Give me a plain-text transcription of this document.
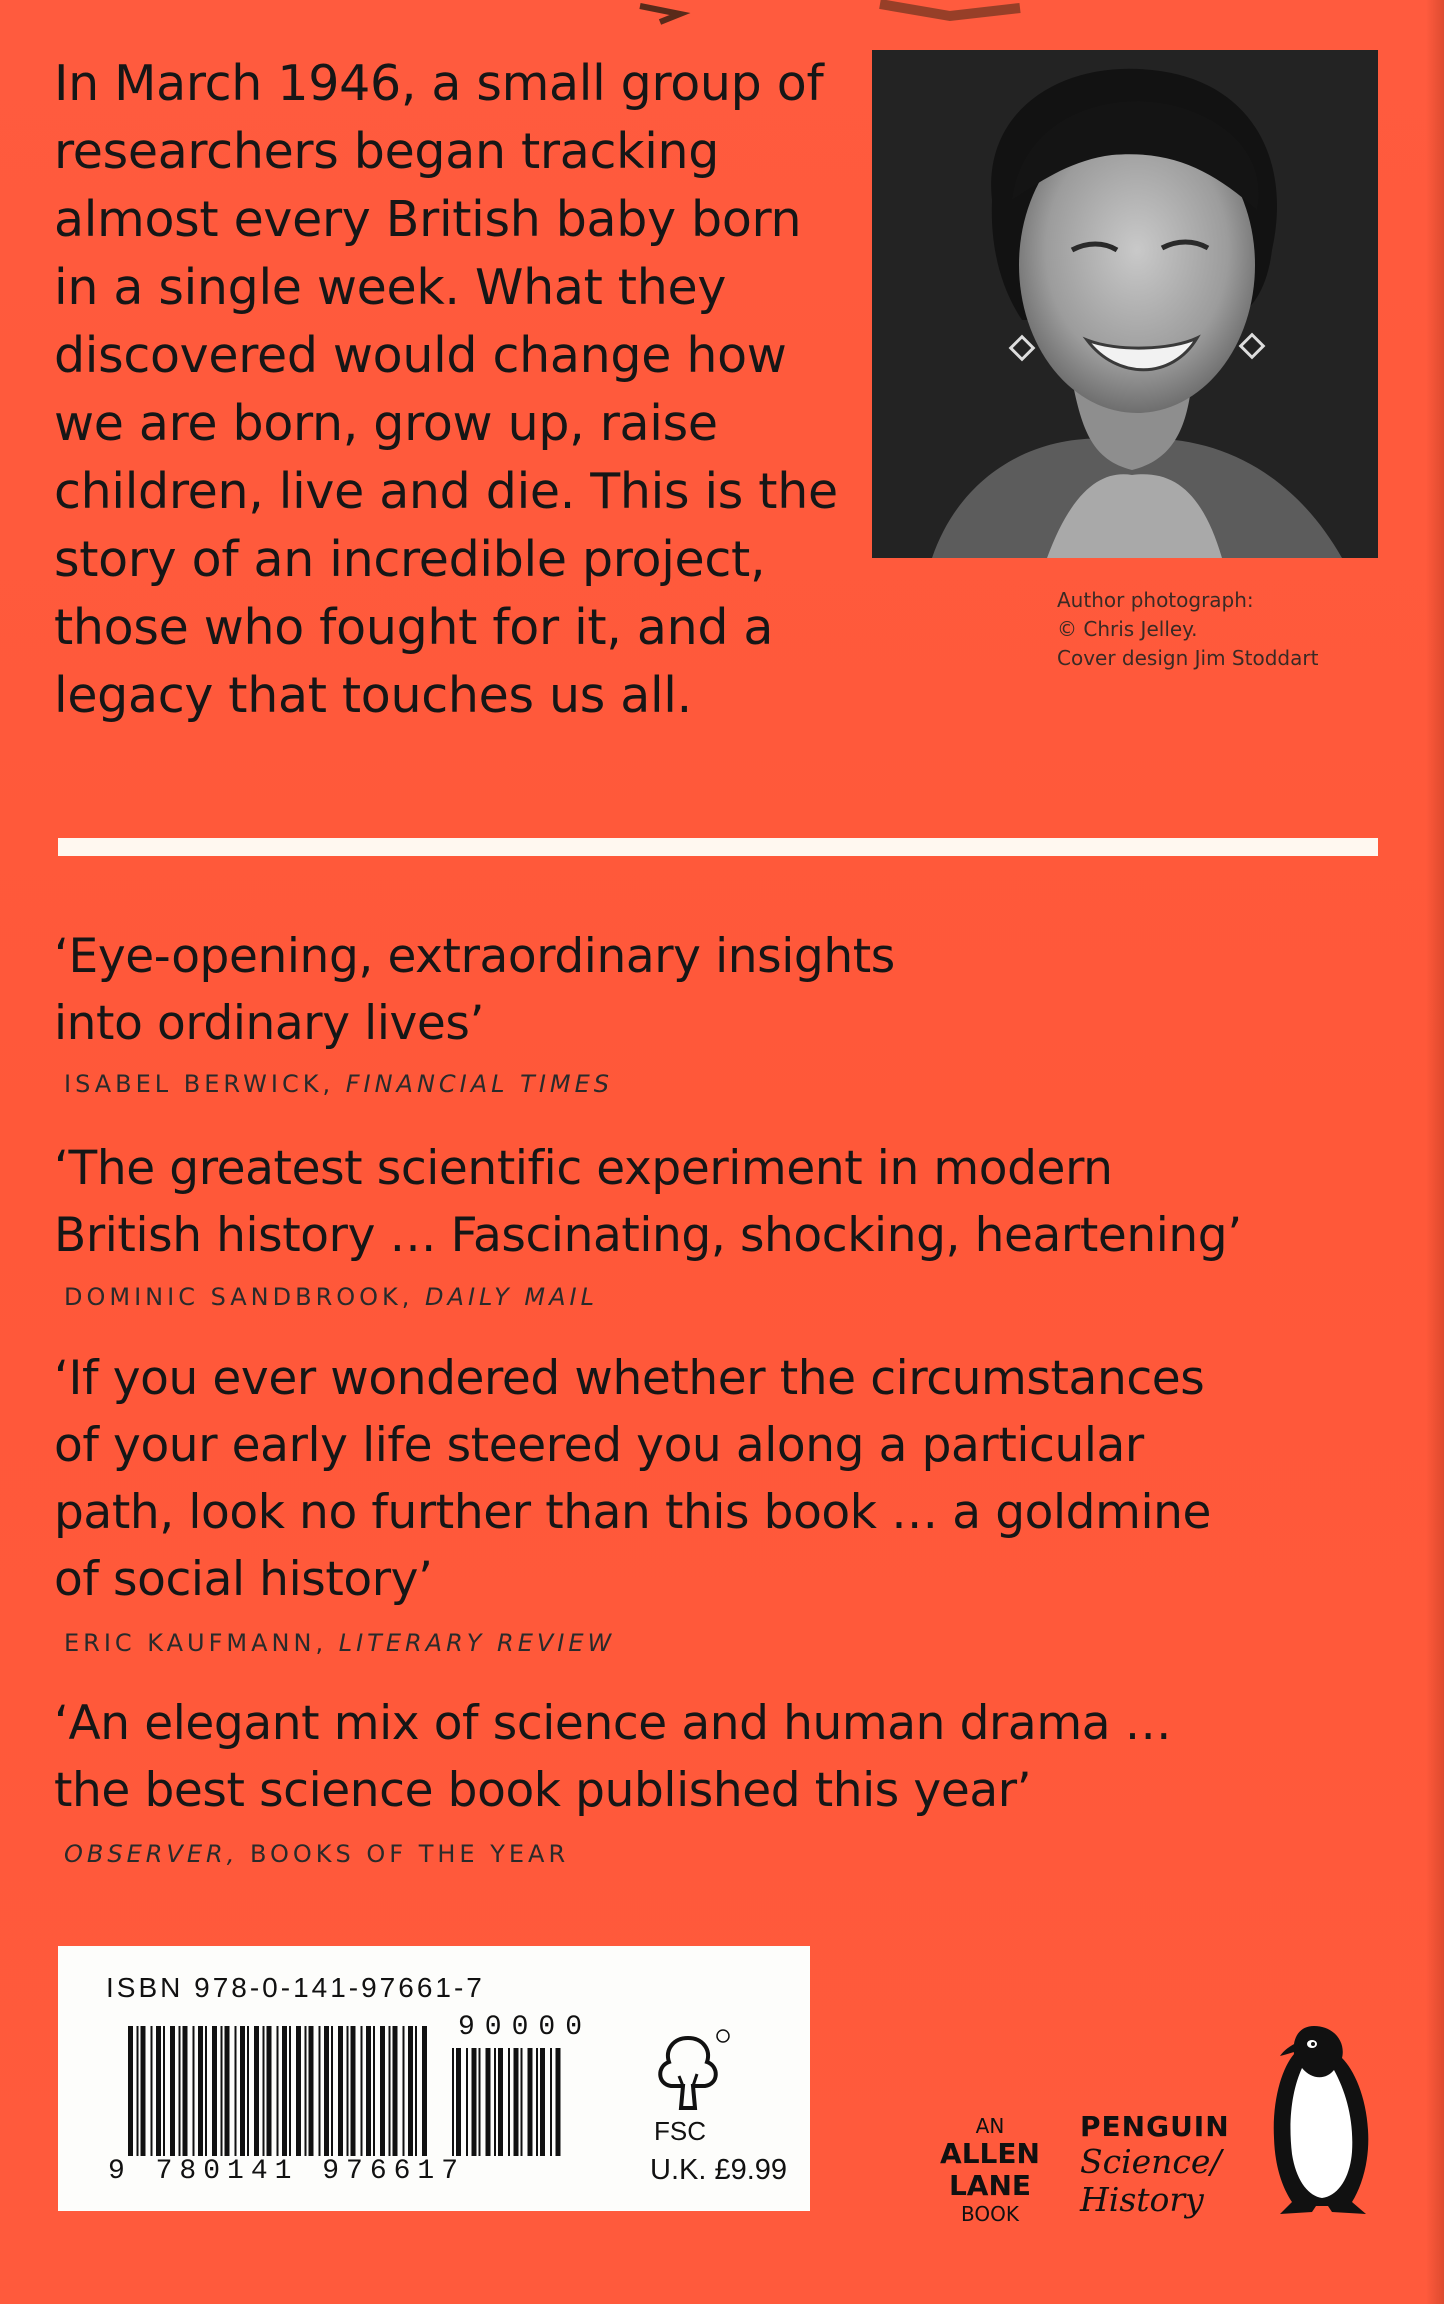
In March 1946, a small group of researchers began tracking almost every British baby born in a single week. What they discovered would change how we are born, grow up, raise children, live and die. This is the story of an incredible project, those who fought for it, and a legacy that touches us all.

Author photograph:
© Chris Jelley.
Cover design Jim Stoddart

‘Eye-opening, extraordinary insights into ordinary lives’

ISABEL BERWICK, FINANCIAL TIMES

‘The greatest scientific experiment in modern British history … Fascinating, shocking, heartening’

DOMINIC SANDBROOK, DAILY MAIL

‘If you ever wondered whether the circumstances of your early life steered you along a particular path, look no further than this book … a goldmine of social history’

ERIC KAUFMANN, LITERARY REVIEW

‘An elegant mix of science and human drama … the best science book published this year’

OBSERVER, BOOKS OF THE YEAR

ISBN 978-0-141-97661-7

9 780141 976617

90000

FSC

U.K. £9.99

AN

ALLEN

LANE

BOOK

PENGUIN

Science/

History
